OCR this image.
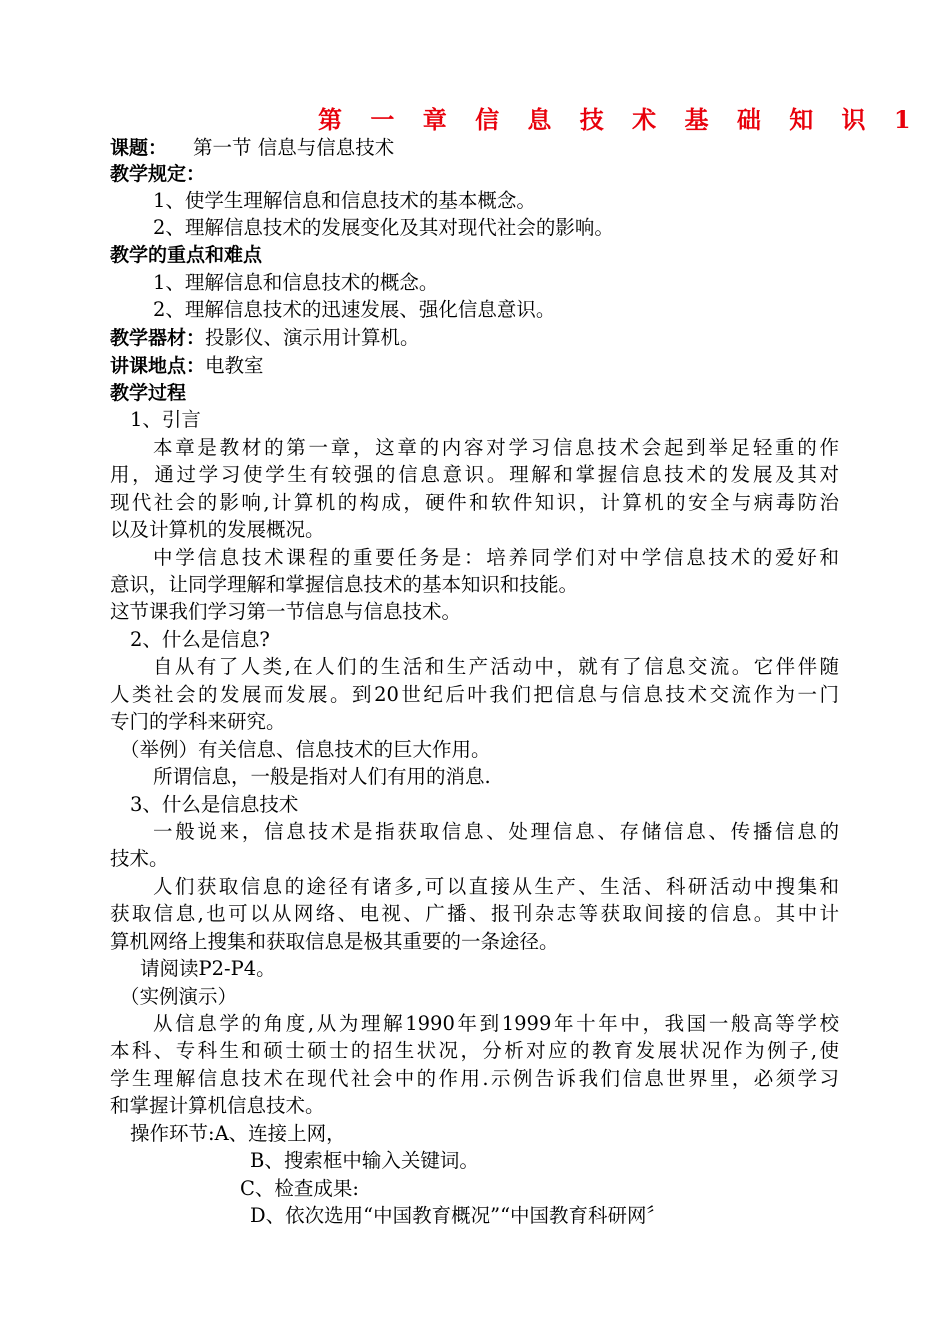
第 一 章 信 息 技 术 基 础 知 识 1
课题： 第一节 信息与信息技术
教学规定：
1、使学生理解信息和信息技术的基本概念。
2、理解信息技术的发展变化及其对现代社会的影响。
教学的重点和难点
1、理解信息和信息技术的概念。
2、理解信息技术的迅速发展、强化信息意识。
教学器材：投影仪、演示用计算机。
讲课地点：电教室
教学过程
1、引言
本章是教材的第一章，这章的内容对学习信息技术会起到举足轻重的作
用，通过学习使学生有较强的信息意识。理解和掌握信息技术的发展及其对
现代社会的影响,计算机的构成，硬件和软件知识，计算机的安全与病毒防治
以及计算机的发展概况。
中学信息技术课程的重要任务是：培养同学们对中学信息技术的爱好和
意识，让同学理解和掌握信息技术的基本知识和技能。
这节课我们学习第一节信息与信息技术。
2、什么是信息?
自从有了人类,在人们的生活和生产活动中，就有了信息交流。它伴伴随
人类社会的发展而发展。到20世纪后叶我们把信息与信息技术交流作为一门
专门的学科来研究。
（举例）有关信息、信息技术的巨大作用。
所谓信息，一般是指对人们有用的消息.
3、什么是信息技术
一般说来，信息技术是指获取信息、处理信息、存储信息、传播信息的
技术。
人们获取信息的途径有诸多,可以直接从生产、生活、科研活动中搜集和
获取信息,也可以从网络、电视、广播、报刊杂志等获取间接的信息。其中计
算机网络上搜集和获取信息是极其重要的一条途径。
请阅读P2-P4。
（实例演示）
从信息学的角度,从为理解1990年到1999年十年中，我国一般高等学校
本科、专科生和硕士硕士的招生状况，分析对应的教育发展状况作为例子,使
学生理解信息技术在现代社会中的作用.示例告诉我们信息世界里，必须学习
和掌握计算机信息技术。
操作环节:A、连接上网，
B、搜索框中输入关键词。
C、检查成果:
D、依次选用“中国教育概况”“中国教育科研网〞
